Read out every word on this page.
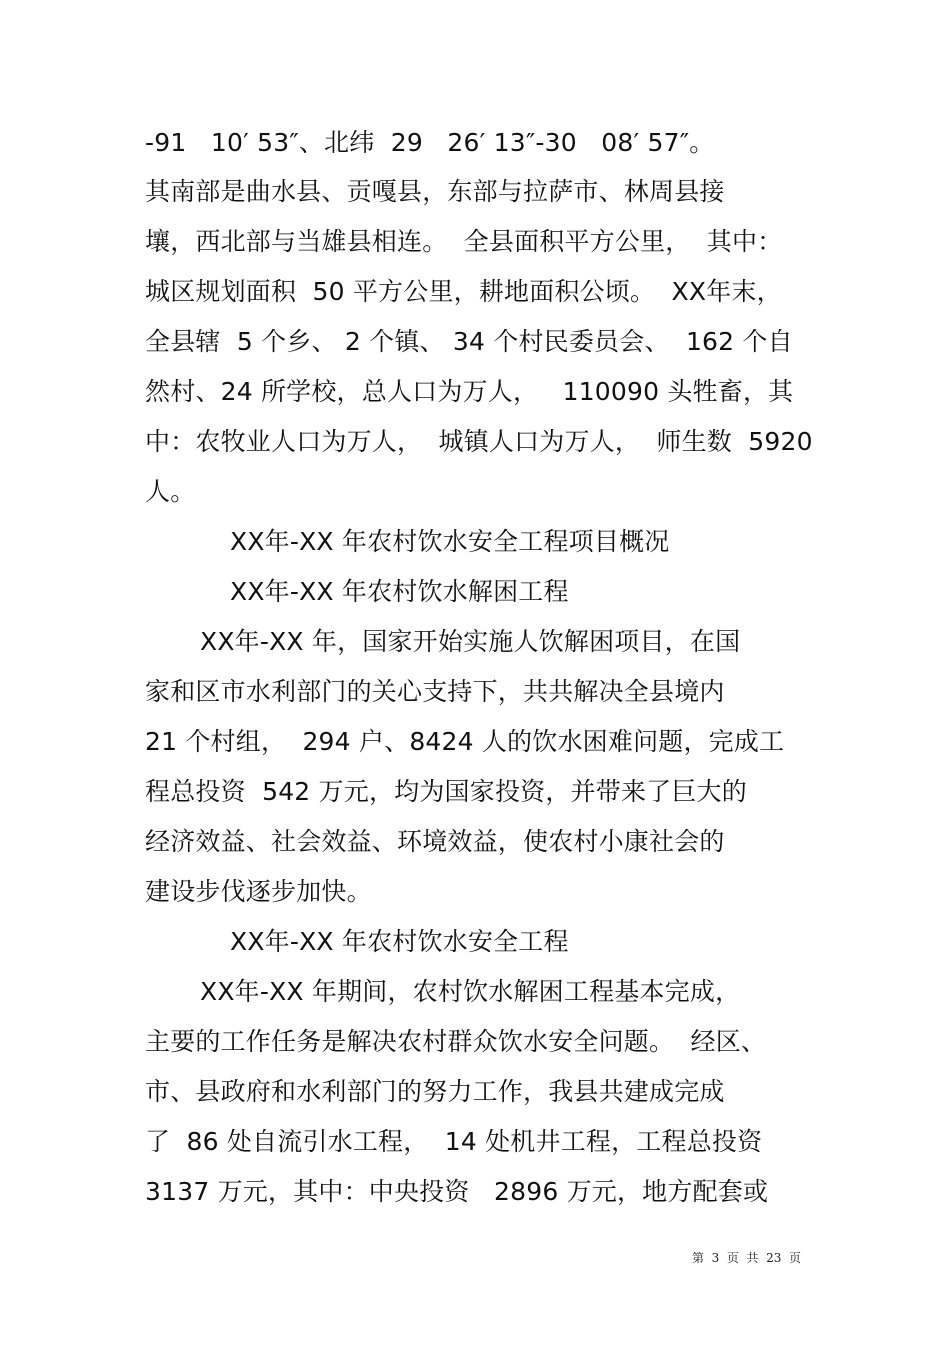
-91   10′ 53″、北纬  29   26′ 13″-30   08′ 57″。
其南部是曲水县、贡嘎县，东部与拉萨市、林周县接
壤，西北部与当雄县相连。  全县面积平方公里，  其中：
城区规划面积  50 平方公里，耕地面积公顷。  XX年末，
全县辖  5 个乡、 2 个镇、 34 个村民委员会、  162 个自
然村、24 所学校，总人口为万人，   110090 头牲畜，其
中：农牧业人口为万人，  城镇人口为万人，  师生数  5920
人。
XX年-XX 年农村饮水安全工程项目概况
XX年-XX 年农村饮水解困工程
XX年-XX 年，国家开始实施人饮解困项目，在国
家和区市水利部门的关心支持下，共共解决全县境内
21 个村组，  294 户、8424 人的饮水困难问题，完成工
程总投资  542 万元，均为国家投资，并带来了巨大的
经济效益、社会效益、环境效益，使农村小康社会的
建设步伐逐步加快。
XX年-XX 年农村饮水安全工程
XX年-XX 年期间，农村饮水解困工程基本完成，
主要的工作任务是解决农村群众饮水安全问题。  经区、
市、县政府和水利部门的努力工作，我县共建成完成
了  86 处自流引水工程，  14 处机井工程，工程总投资
3137 万元，其中：中央投资   2896 万元，地方配套或
第  3  页  共  23  页
